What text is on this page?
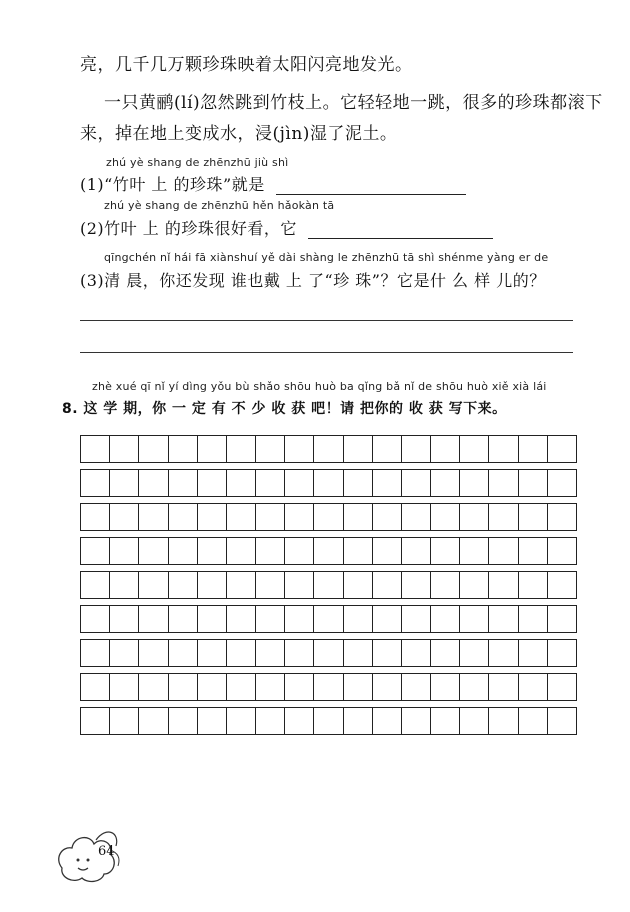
亮，几千几万颗珍珠映着太阳闪亮地发光。
一只黄鹂(lí)忽然跳到竹枝上。它轻轻地一跳，很多的珍珠都滚下
来，掉在地上变成水，浸(jìn)湿了泥土。
zhú yè shang de zhēnzhū jiù shì
(1)“竹叶 上 的珍珠”就是
zhú yè shang de zhēnzhū hěn hǎokàn tā
(2)竹叶 上 的珍珠很好看，它
qīngchén nǐ hái fā xiànshuí yě dài shàng le zhēnzhū tā shì shénme yàng er de
(3)清 晨，你还发现 谁也戴 上 了“珍 珠”？它是什 么 样 儿的？
zhè xué qī nǐ yí dìng yǒu bù shǎo shōu huò ba qǐng bǎ nǐ de shōu huò xiě xià lái
8. 这 学 期，你 一 定 有 不 少 收 获 吧！请 把你的 收 获 写下来。
64
